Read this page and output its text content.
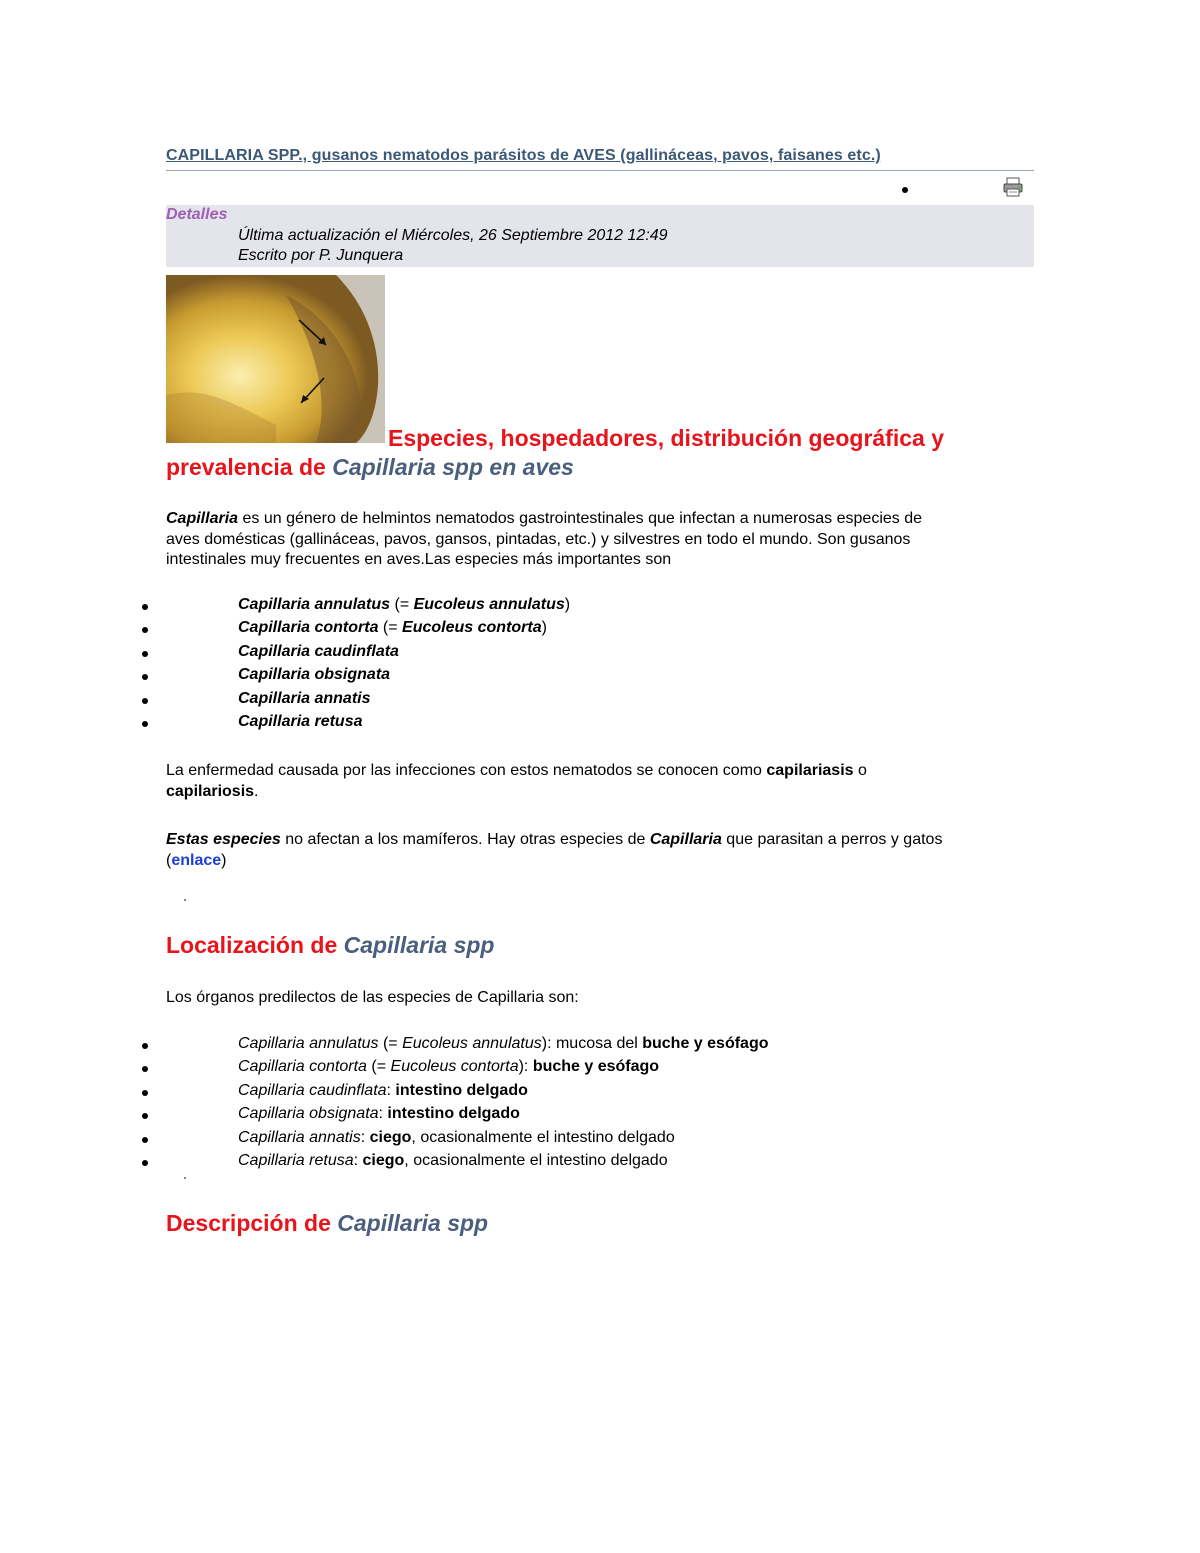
CAPILLARIA SPP., gusanos nematodos parásitos de AVES (gallináceas, pavos, faisanes etc.)
Detalles
Última actualización el Miércoles, 26 Septiembre 2012 12:49
Escrito por P. Junquera
Especies, hospedadores, distribución geográfica y
prevalencia de Capillaria spp en aves
Capillaria es un género de helmintos nematodos gastrointestinales que infectan a numerosas especies de
aves domésticas (gallináceas, pavos, gansos, pintadas, etc.) y silvestres en todo el mundo. Son gusanos
intestinales muy frecuentes en aves.Las especies más importantes son
Capillaria annulatus (= Eucoleus annulatus)
Capillaria contorta (= Eucoleus contorta)
Capillaria caudinflata
Capillaria obsignata
Capillaria annatis
Capillaria retusa
La enfermedad causada por las infecciones con estos nematodos se conocen como capilariasis o
capilariosis.
Estas especies no afectan a los mamíferos. Hay otras especies de Capillaria que parasitan a perros y gatos
(enlace)
Localización de Capillaria spp
Los órganos predilectos de las especies de Capillaria son:
Capillaria annulatus (= Eucoleus annulatus): mucosa del buche y esófago
Capillaria contorta (= Eucoleus contorta): buche y esófago
Capillaria caudinflata: intestino delgado
Capillaria obsignata: intestino delgado
Capillaria annatis: ciego, ocasionalmente el intestino delgado
Capillaria retusa: ciego, ocasionalmente el intestino delgado
Descripción de Capillaria spp
